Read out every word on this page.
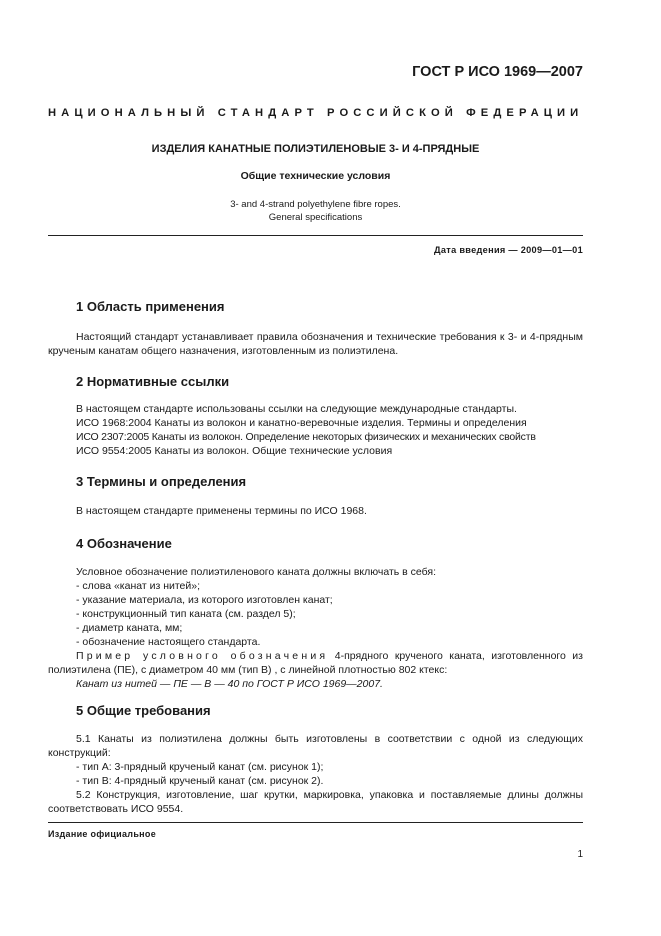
ГОСТ Р ИСО 1969—2007
НАЦИОНАЛЬНЫЙ СТАНДАРТ РОССИЙСКОЙ ФЕДЕРАЦИИ
ИЗДЕЛИЯ КАНАТНЫЕ ПОЛИЭТИЛЕНОВЫЕ 3- И 4-ПРЯДНЫЕ
Общие технические условия
3- and 4-strand polyethylene fibre ropes.
General specifications
Дата введения — 2009—01—01
1 Область применения

Настоящий стандарт устанавливает правила обозначения и технические требования к 3- и 4-прядным крученым канатам общего назначения, изготовленным из полиэтилена.

2 Нормативные ссылки

В настоящем стандарте использованы ссылки на следующие международные стандарты.

ИСО 1968:2004 Канаты из волокон и канатно-веревочные изделия. Термины и определения

ИСО 2307:2005 Канаты из волокон. Определение некоторых физических и механических свойств

ИСО 9554:2005 Канаты из волокон. Общие технические условия

3 Термины и определения

В настоящем стандарте применены термины по ИСО 1968.

4 Обозначение

Условное обозначение полиэтиленового каната должны включать в себя:

- слова «канат из нитей»;

- указание материала, из которого изготовлен канат;

- конструкционный тип каната (см. раздел 5);

- диаметр каната, мм;

- обозначение настоящего стандарта.

Пример условного обозначения 4-прядного крученого каната, изготовленного из полиэтилена (ПЕ), с диаметром 40 мм (тип В) , с линейной плотностью 802 ктекс:

Канат из нитей — ПЕ — В — 40 по ГОСТ Р ИСО 1969—2007.

5 Общие требования

5.1 Канаты из полиэтилена должны быть изготовлены в соответствии с одной из следующих конструкций:

- тип А: 3-прядный крученый канат (см. рисунок 1);

- тип В: 4-прядный крученый канат (см. рисунок 2).

5.2 Конструкция, изготовление, шаг крутки, маркировка, упаковка и поставляемые длины должны соответствовать ИСО 9554.

Издание официальное
1
